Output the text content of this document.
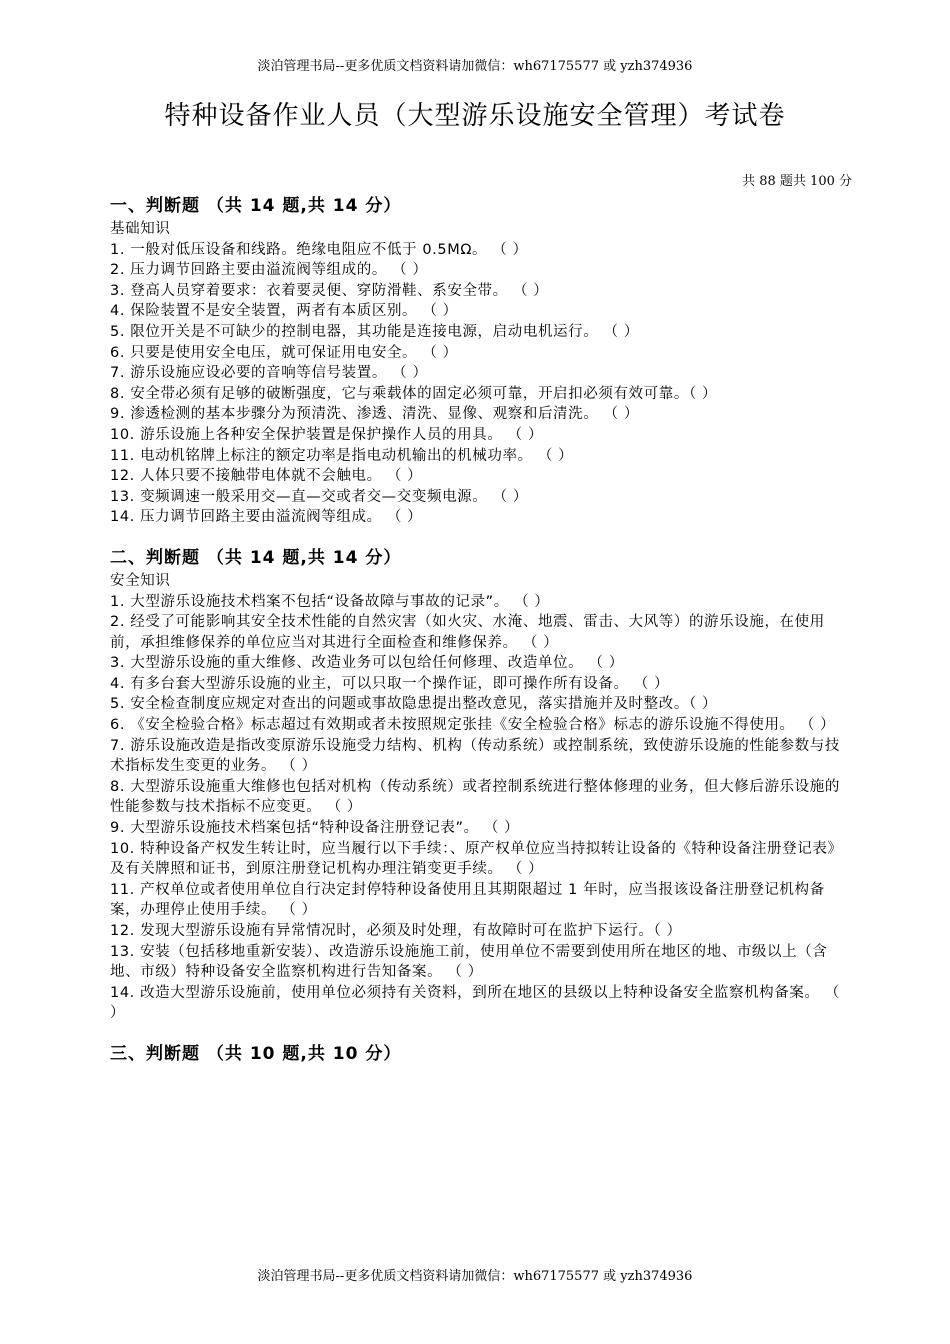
淡泊管理书局--更多优质文档资料请加微信：wh67175577 或 yzh374936
特种设备作业人员（大型游乐设施安全管理）考试卷
共 88 题共 100 分
一、判断题 （共 14 题,共 14 分）
基础知识
1. 一般对低压设备和线路。绝缘电阻应不低于 0.5MΩ。 （ ）
2. 压力调节回路主要由溢流阀等组成的。 （ ）
3. 登高人员穿着要求：衣着要灵便、穿防滑鞋、系安全带。 （ ）
4. 保险装置不是安全装置，两者有本质区别。 （ ）
5. 限位开关是不可缺少的控制电器，其功能是连接电源，启动电机运行。 （ ）
6. 只要是使用安全电压，就可保证用电安全。 （ ）
7. 游乐设施应设必要的音响等信号装置。 （ ）
8. 安全带必须有足够的破断强度，它与乘载体的固定必须可靠，开启扣必须有效可靠。（ ）
9. 渗透检测的基本步骤分为预清洗、渗透、清洗、显像、观察和后清洗。 （ ）
10. 游乐设施上各种安全保护装置是保护操作人员的用具。 （ ）
11. 电动机铭牌上标注的额定功率是指电动机输出的机械功率。 （ ）
12. 人体只要不接触带电体就不会触电。 （ ）
13. 变频调速一般采用交—直—交或者交—交变频电源。 （ ）
14. 压力调节回路主要由溢流阀等组成。 （ ）
二、判断题 （共 14 题,共 14 分）
安全知识
1. 大型游乐设施技术档案不包括“设备故障与事故的记录”。 （ ）
2. 经受了可能影响其安全技术性能的自然灾害（如火灾、水淹、地震、雷击、大风等）的游乐设施，在使用前，承担维修保养的单位应当对其进行全面检查和维修保养。 （ ）
3. 大型游乐设施的重大维修、改造业务可以包给任何修理、改造单位。 （ ）
4. 有多台套大型游乐设施的业主，可以只取一个操作证，即可操作所有设备。 （ ）
5. 安全检查制度应规定对查出的问题或事故隐患提出整改意见，落实措施并及时整改。（ ）
6. 《安全检验合格》标志超过有效期或者未按照规定张挂《安全检验合格》标志的游乐设施不得使用。 （ ）
7. 游乐设施改造是指改变原游乐设施受力结构、机构（传动系统）或控制系统，致使游乐设施的性能参数与技术指标发生变更的业务。 （ ）
8. 大型游乐设施重大维修也包括对机构（传动系统）或者控制系统进行整体修理的业务，但大修后游乐设施的性能参数与技术指标不应变更。 （ ）
9. 大型游乐设施技术档案包括“特种设备注册登记表”。 （ ）
10. 特种设备产权发生转让时，应当履行以下手续：、原产权单位应当持拟转让设备的《特种设备注册登记表》及有关牌照和证书，到原注册登记机构办理注销变更手续。 （ ）
11. 产权单位或者使用单位自行决定封停特种设备使用且其期限超过 1 年时，应当报该设备注册登记机构备案，办理停止使用手续。 （ ）
12. 发现大型游乐设施有异常情况时，必须及时处理，有故障时可在监护下运行。（ ）
13. 安装（包括移地重新安装）、改造游乐设施施工前，使用单位不需要到使用所在地区的地、市级以上（含地、市级）特种设备安全监察机构进行告知备案。 （ ）
14. 改造大型游乐设施前，使用单位必须持有关资料，到所在地区的县级以上特种设备安全监察机构备案。 （ ）
三、判断题 （共 10 题,共 10 分）
淡泊管理书局--更多优质文档资料请加微信：wh67175577 或 yzh374936
